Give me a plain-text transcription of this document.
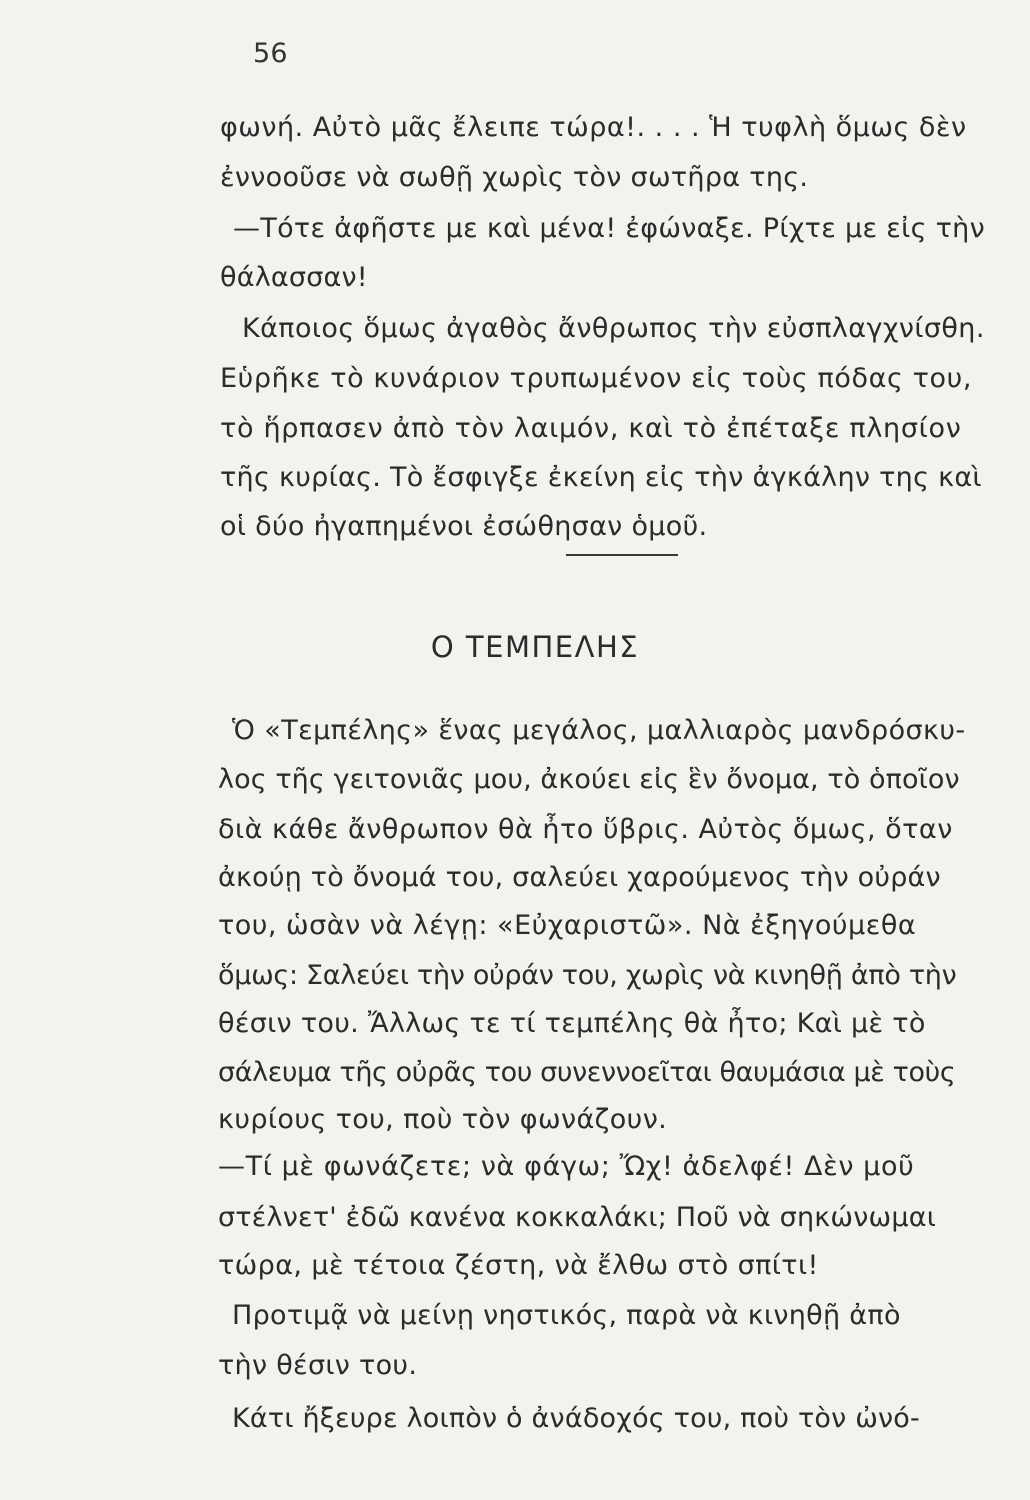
56
φωνή. Αὐτὸ μᾶς ἔλειπε τώρα!. . . . Ἡ τυφλὴ ὅμως δὲν
ἐννοοῦσε νὰ σωθῇ χωρὶς τὸν σωτῆρα της.
—Τότε ἀφῆστε με καὶ μένα! ἐφώναξε. Ρίχτε με εἰς τὴν
θάλασσαν!
Κάποιος ὅμως ἀγαθὸς ἄνθρωπος τὴν εὐσπλαγχνίσθη.
Εὑρῆκε τὸ κυνάριον τρυπωμένον εἰς τοὺς πόδας του,
τὸ ἥρπασεν ἀπὸ τὸν λαιμόν, καὶ τὸ ἐπέταξε πλησίον
τῆς κυρίας. Τὸ ἔσφιγξε ἐκείνη εἰς τὴν ἀγκάλην της καὶ
οἱ δύο ἠγαπημένοι ἐσώθησαν ὁμοῦ.
Ο ΤΕΜΠΕΛΗΣ
Ὁ «Τεμπέλης» ἕνας μεγάλος, μαλλιαρὸς μανδρόσκυ-
λος τῆς γειτονιᾶς μου, ἀκούει εἰς ἓν ὄνομα, τὸ ὁποῖον
διὰ κάθε ἄνθρωπον θὰ ἦτο ὕβρις. Αὐτὸς ὅμως, ὅταν
ἀκούῃ τὸ ὄνομά του, σαλεύει χαρούμενος τὴν οὐράν
του, ὡσὰν νὰ λέγῃ: «Εὐχαριστῶ». Νὰ ἐξηγούμεθα
ὅμως: Σαλεύει τὴν οὐράν του, χωρὶς νὰ κινηθῇ ἀπὸ τὴν
θέσιν του. Ἄλλως τε τί τεμπέλης θὰ ἦτο; Καὶ μὲ τὸ
σάλευμα τῆς οὐρᾶς του συνεννοεῖται θαυμάσια μὲ τοὺς
κυρίους του, ποὺ τὸν φωνάζουν.
—Τί μὲ φωνάζετε; νὰ φάγω; Ὤχ! ἀδελφέ! Δὲν μοῦ
στέλνετ' ἐδῶ κανένα κοκκαλάκι; Ποῦ νὰ σηκώνωμαι
τώρα, μὲ τέτοια ζέστη, νὰ ἔλθω στὸ σπίτι!
Προτιμᾷ νὰ μείνῃ νηστικός, παρὰ νὰ κινηθῇ ἀπὸ
τὴν θέσιν του.
Κάτι ἤξευρε λοιπὸν ὁ ἀνάδοχός του, ποὺ τὸν ὠνό-
